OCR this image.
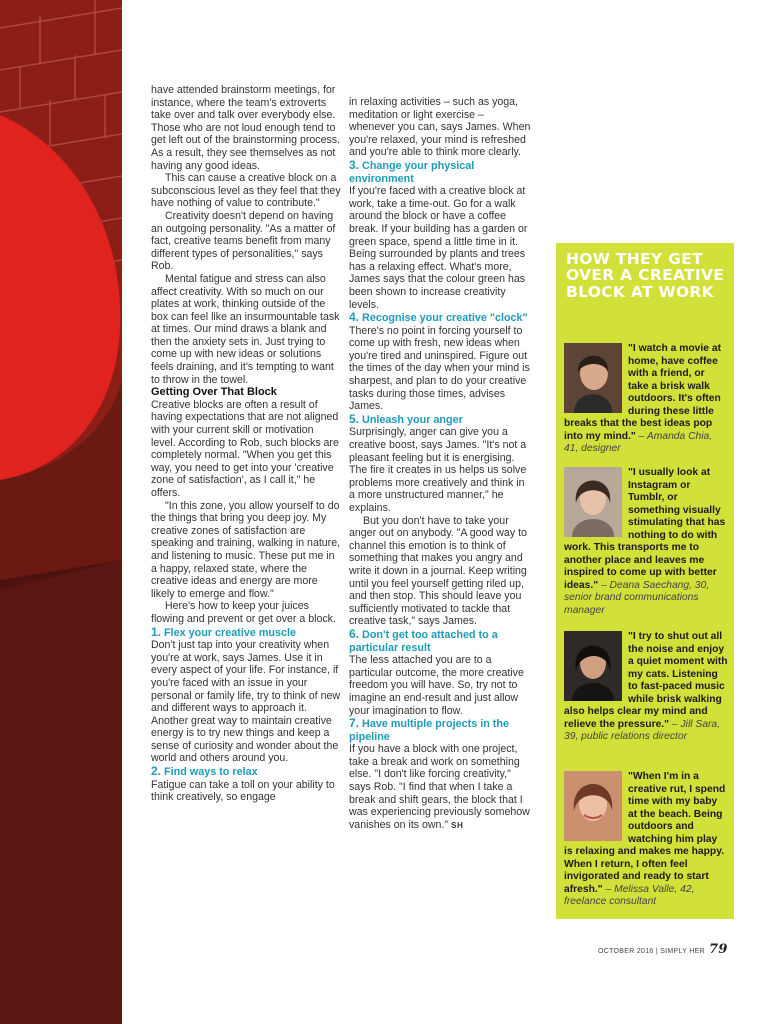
have attended brainstorm meetings, for instance, where the team's extroverts take over and talk over everybody else. Those who are not loud enough tend to get left out of the brainstorming process. As a result, they see themselves as not having any good ideas.

This can cause a creative block on a subconscious level as they feel that they have nothing of value to contribute."

Creativity doesn't depend on having an outgoing personality. "As a matter of fact, creative teams benefit from many different types of personalities," says Rob.

Mental fatigue and stress can also affect creativity. With so much on our plates at work, thinking outside of the box can feel like an insurmountable task at times. Our mind draws a blank and then the anxiety sets in. Just trying to come up with new ideas or solutions feels draining, and it's tempting to want to throw in the towel.

Getting Over That Block

Creative blocks are often a result of having expectations that are not aligned with your current skill or motivation level. According to Rob, such blocks are completely normal. "When you get this way, you need to get into your 'creative zone of satisfaction', as I call it," he offers.

"In this zone, you allow yourself to do the things that bring you deep joy. My creative zones of satisfaction are speaking and training, walking in nature, and listening to music. These put me in a happy, relaxed state, where the creative ideas and energy are more likely to emerge and flow."

Here's how to keep your juices flowing and prevent or get over a block.

1. Flex your creative muscle

Don't just tap into your creativity when you're at work, says James. Use it in every aspect of your life. For instance, if you're faced with an issue in your personal or family life, try to think of new and different ways to approach it. Another great way to maintain creative energy is to try new things and keep a sense of curiosity and wonder about the world and others around you.

2. Find ways to relax

Fatigue can take a toll on your ability to think creatively, so engage

in relaxing activities – such as yoga, meditation or light exercise – whenever you can, says James. When you're relaxed, your mind is refreshed and you're able to think more clearly.

3. Change your physical environment

If you're faced with a creative block at work, take a time-out. Go for a walk around the block or have a coffee break. If your building has a garden or green space, spend a little time in it. Being surrounded by plants and trees has a relaxing effect. What's more, James says that the colour green has been shown to increase creativity levels.

4. Recognise your creative "clock"

There's no point in forcing yourself to come up with fresh, new ideas when you're tired and uninspired. Figure out the times of the day when your mind is sharpest, and plan to do your creative tasks during those times, advises James.

5. Unleash your anger

Surprisingly, anger can give you a creative boost, says James. "It's not a pleasant feeling but it is energising. The fire it creates in us helps us solve problems more creatively and think in a more unstructured manner," he explains.

But you don't have to take your anger out on anybody. "A good way to channel this emotion is to think of something that makes you angry and write it down in a journal. Keep writing until you feel yourself getting riled up, and then stop. This should leave you sufficiently motivated to tackle that creative task," says James.

6. Don't get too attached to a particular result

The less attached you are to a particular outcome, the more creative freedom you will have. So, try not to imagine an end-result and just allow your imagination to flow.

7. Have multiple projects in the pipeline

If you have a block with one project, take a break and work on something else. "I don't like forcing creativity," says Rob. "I find that when I take a break and shift gears, the block that I was experiencing previously somehow vanishes on its own." SH

HOW THEY GET OVER A CREATIVE BLOCK AT WORK
"I watch a movie at home, have coffee with a friend, or take a brisk walk outdoors. It's often during these little breaks that the best ideas pop into my mind." – Amanda Chia, 41, designer
"I usually look at Instagram or Tumblr, or something visually stimulating that has nothing to do with work. This transports me to another place and leaves me inspired to come up with better ideas." – Deana Saechang, 30, senior brand communications manager
"I try to shut out all the noise and enjoy a quiet moment with my cats. Listening to fast-paced music while brisk walking also helps clear my mind and relieve the pressure." – Jill Sara, 39, public relations director
"When I'm in a creative rut, I spend time with my baby at the beach. Being outdoors and watching him play is relaxing and makes me happy. When I return, I often feel invigorated and ready to start afresh." – Melissa Valle, 42, freelance consultant
OCTOBER 2016 | SIMPLY HER 79
